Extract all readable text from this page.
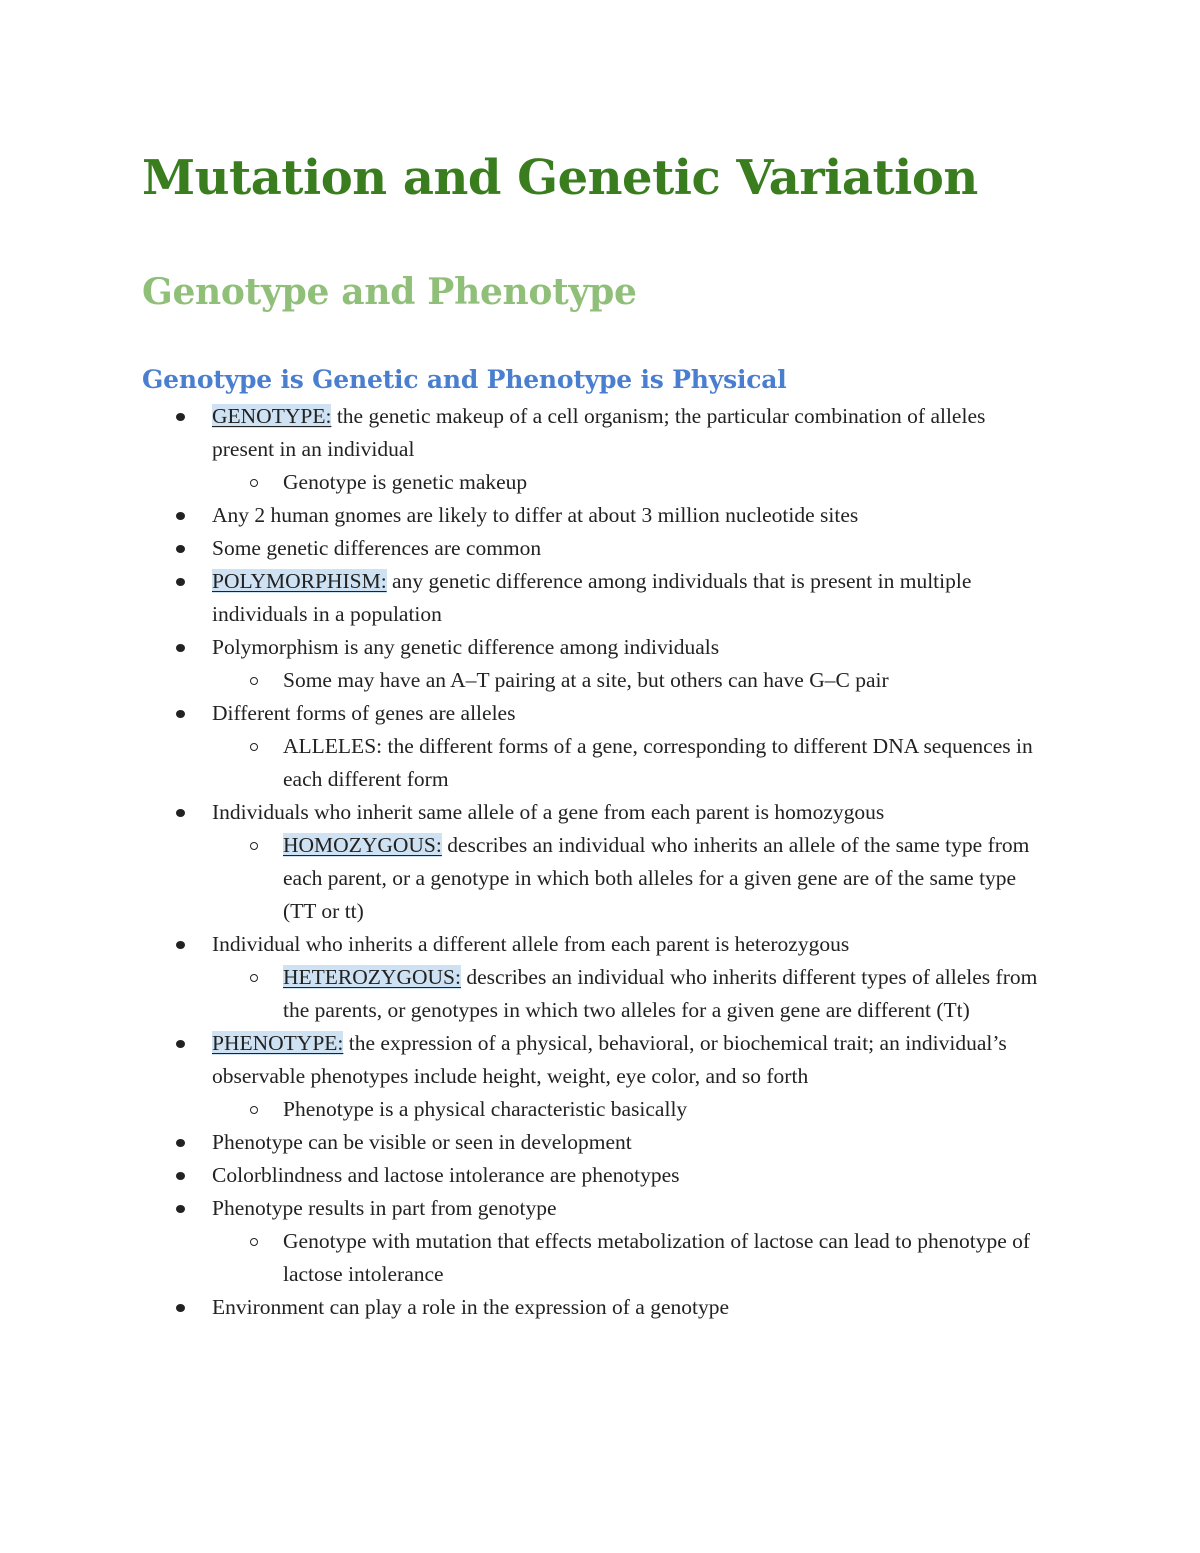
Mutation and Genetic Variation
Genotype and Phenotype
Genotype is Genetic and Phenotype is Physical
GENOTYPE: the genetic makeup of a cell organism; the particular combination of alleles present in an individual
Genotype is genetic makeup
Any 2 human gnomes are likely to differ at about 3 million nucleotide sites
Some genetic differences are common
POLYMORPHISM: any genetic difference among individuals that is present in multiple individuals in a population
Polymorphism is any genetic difference among individuals
Some may have an A–T pairing at a site, but others can have G–C pair
Different forms of genes are alleles
ALLELES: the different forms of a gene, corresponding to different DNA sequences in each different form
Individuals who inherit same allele of a gene from each parent is homozygous
HOMOZYGOUS: describes an individual who inherits an allele of the same type from each parent, or a genotype in which both alleles for a given gene are of the same type (TT or tt)
Individual who inherits a different allele from each parent is heterozygous
HETEROZYGOUS: describes an individual who inherits different types of alleles from the parents, or genotypes in which two alleles for a given gene are different (Tt)
PHENOTYPE: the expression of a physical, behavioral, or biochemical trait; an individual’s observable phenotypes include height, weight, eye color, and so forth
Phenotype is a physical characteristic basically
Phenotype can be visible or seen in development
Colorblindness and lactose intolerance are phenotypes
Phenotype results in part from genotype
Genotype with mutation that effects metabolization of lactose can lead to phenotype of lactose intolerance
Environment can play a role in the expression of a genotype
